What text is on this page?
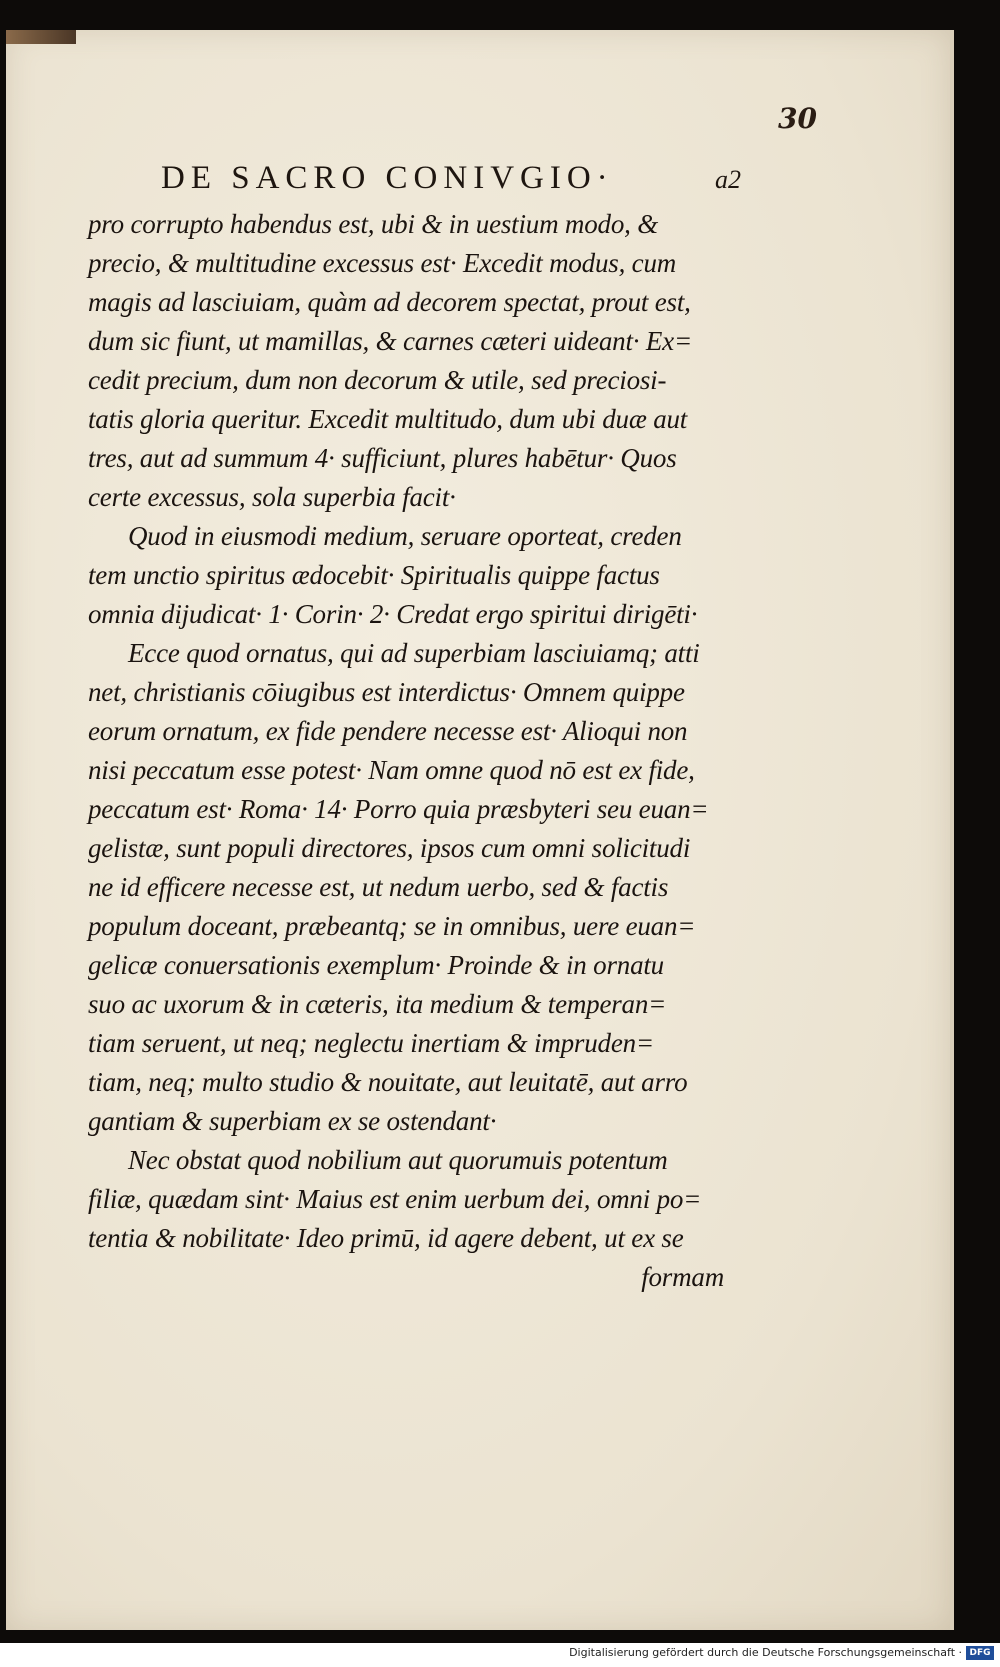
30
DE SACRO CONIVGIO·	a2
pro corrupto habendus est, ubi & in uestium modo, &
precio, & multitudine excessus est· Excedit modus, cum
magis ad lasciuiam, quàm ad decorem spectat, prout est,
dum sic fiunt, ut mamillas, & carnes cæteri uideant· Ex=
cedit precium, dum non decorum & utile, sed preciosi-
tatis gloria queritur. Excedit multitudo, dum ubi duæ aut
tres, aut ad summum 4· sufficiunt, plures habētur· Quos
certe excessus, sola superbia facit·
Quod in eiusmodi medium, seruare oporteat, creden
tem unctio spiritus ædocebit· Spiritualis quippe factus
omnia dijudicat· 1· Corin· 2· Credat ergo spiritui dirigēti·
Ecce quod ornatus, qui ad superbiam lasciuiamq; atti
net, christianis cōiugibus est interdictus· Omnem quippe
eorum ornatum, ex fide pendere necesse est· Alioqui non
nisi peccatum esse potest· Nam omne quod nō est ex fide,
peccatum est· Roma· 14· Porro quia præsbyteri seu euan=
gelistæ, sunt populi directores, ipsos cum omni solicitudi
ne id efficere necesse est, ut nedum uerbo, sed & factis
populum doceant, præbeantq; se in omnibus, uere euan=
gelicæ conuersationis exemplum· Proinde & in ornatu
suo ac uxorum & in cæteris, ita medium & temperan=
tiam seruent, ut neq; neglectu inertiam & impruden=
tiam, neq; multo studio & nouitate, aut leuitatē, aut arro
gantiam & superbiam ex se ostendant·
Nec obstat quod nobilium aut quorumuis potentum
filiæ, quædam sint· Maius est enim uerbum dei, omni po=
tentia & nobilitate· Ideo primū, id agere debent, ut ex se
formam
Digitalisierung gefördert durch die Deutsche Forschungsgemeinschaft · DFG
